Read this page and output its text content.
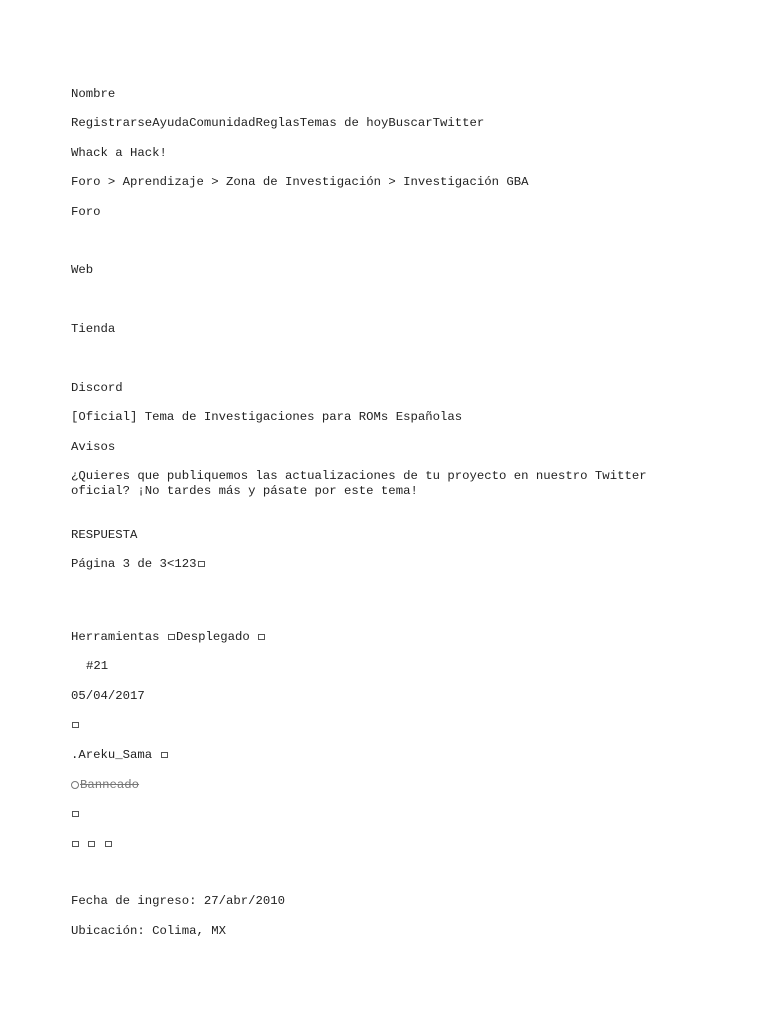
Nombre
RegistrarseAyudaComunidadReglasTemas de hoyBuscarTwitter
Whack a Hack!
Foro > Aprendizaje > Zona de Investigación > Investigación GBA
Foro
Web
Tienda
Discord
[Oficial] Tema de Investigaciones para ROMs Españolas
Avisos
¿Quieres que publiquemos las actualizaciones de tu proyecto en nuestro Twitter oficial? ¡No tardes más y pásate por este tema!
RESPUESTA
Página 3 de 3<123
Herramientas Desplegado
#21
05/04/2017
.Areku_Sama
Banneado

Fecha de ingreso: 27/abr/2010
Ubicación: Colima, MX
